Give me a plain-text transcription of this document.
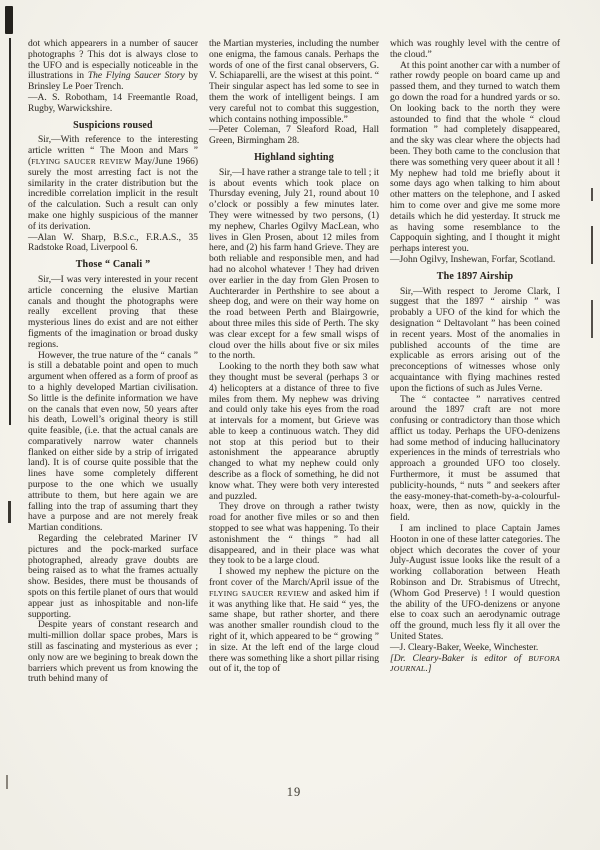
dot which appearers in a number of saucer photographs ? This dot is always close to the UFO and is especially noticeable in the illustrations in The Flying Saucer Story by Brinsley Le Poer Trench.

—A. S. Robotham, 14 Freemantle Road, Rugby, Warwickshire.

Suspicions roused

Sir,—With reference to the interesting article written “ The Moon and Mars ” (FLYING SAUCER REVIEW May/June 1966) surely the most arresting fact is not the similarity in the crater distribution but the incredible correlation implicit in the result of the calculation. Such a result can only make one highly suspicious of the manner of its derivation.

—Alan W. Sharp, B.S.c., F.R.A.S., 35 Radstoke Road, Liverpool 6.

Those “ Canali ”

Sir,—I was very interested in your recent article concerning the elusive Martian canals and thought the photographs were really excellent proving that these mysterious lines do exist and are not either figments of the imagination or broad dusky regions.

However, the true nature of the “ canals ” is still a debatable point and open to much argument when offered as a form of proof as to a highly developed Martian civilisation. So little is the definite information we have on the canals that even now, 50 years after his death, Lowell’s original theory is still quite feasible, (i.e. that the actual canals are comparatively narrow water channels flanked on either side by a strip of irrigated land). It is of course quite possible that the lines have some completely different purpose to the one which we usually attribute to them, but here again we are falling into the trap of assuming thart they have a purpose and are not merely freak Martian conditions.

Regarding the celebrated Mariner IV pictures and the pock-marked surface photographed, already grave doubts are being raised as to what the frames actually show. Besides, there must be thousands of spots on this fertile planet of ours that would appear just as inhospitable and non-life supporting.

Despite years of constant research and multi-million dollar space probes, Mars is still as fascinating and mysterious as ever ; only now are we begining to break down the barriers which prevent us from knowing the truth behind many of

the Martian mysteries, including the number one enigma, the famous canals. Perhaps the words of one of the first canal observers, G. V. Schiaparelli, are the wisest at this point. “ Their singular aspect has led some to see in them the work of intelligent beings. I am very careful not to combat this suggestion, which contains nothing impossible.”

—Peter Coleman, 7 Sleaford Road, Hall Green, Birmingham 28.

Highland sighting

Sir,—I have rather a strange tale to tell ; it is about events which took place on Thursday evening, July 21, round about 10 o’clock or possibly a few minutes later. They were witnessed by two persons, (1) my nephew, Charles Ogilvy MacLean, who lives in Glen Prosen, about 12 miles from here, and (2) his farm hand Grieve. They are both reliable and responsible men, and had had no alcohol whatever ! They had driven over earlier in the day from Glen Prosen to Auchterarder in Perthshire to see about a sheep dog, and were on their way home on the road between Perth and Blairgowrie, about three miles this side of Perth. The sky was clear except for a few small wisps of cloud over the hills about five or six miles to the north.

Looking to the north they both saw what they thought must be several (perhaps 3 or 4) helicopters at a distance of three to five miles from them. My nephew was driving and could only take his eyes from the road at intervals for a moment, but Grieve was able to keep a continuous watch. They did not stop at this period but to their astonishment the appearance abruptly changed to what my nephew could only describe as a flock of something, he did not know what. They were both very interested and puzzled.

They drove on through a rather twisty road for another five miles or so and then stopped to see what was happening. To their astonishment the “ things ” had all disappeared, and in their place was what they took to be a large cloud.

I showed my nephew the picture on the front cover of the March/April issue of the FLYING SAUCER REVIEW and asked him if it was anything like that. He said “ yes, the same shape, but rather shorter, and there was another smaller roundish cloud to the right of it, which appeared to be “ growing ” in size. At the left end of the large cloud there was something like a short pillar rising out of it, the top of

which was roughly level with the centre of the cloud.”

At this point another car with a number of rather rowdy people on board came up and passed them, and they turned to watch them go down the road for a hundred yards or so. On looking back to the north they were astounded to find that the whole “ cloud formation ” had completely disappeared, and the sky was clear where the objects had been. They both came to the conclusion that there was something very queer about it all ! My nephew had told me briefly about it some days ago when talking to him about other matters on the telephone, and I asked him to come over and give me some more details which he did yesterday. It struck me as having some resemblance to the Cappoquin sighting, and I thought it might perhaps interest you.

—John Ogilvy, Inshewan, Forfar, Scotland.

The 1897 Airship

Sir,—With respect to Jerome Clark, I suggest that the 1897 “ airship ” was probably a UFO of the kind for which the designation “ Deltavolant ” has been coined in recent years. Most of the anomalies in published accounts of the time are explicable as errors arising out of the preconceptions of witnesses whose only acquaintance with flying machines rested upon the fictions of such as Jules Verne.

The “ contactee ” narratives centred around the 1897 craft are not more confusing or contradictory than those which afflict us today. Perhaps the UFO-denizens had some method of inducing hallucinatory experiences in the minds of terrestrials who approach a grounded UFO too closely. Furthermore, it must be assumed that publicity-hounds, “ nuts ” and seekers after the easy-money-that-cometh-by-a-colourful-hoax, were, then as now, quickly in the field.

I am inclined to place Captain James Hooton in one of these latter categories. The object which decorates the cover of your July-August issue looks like the result of a working collaboration between Heath Robinson and Dr. Strabismus of Utrecht, (Whom God Preserve) ! I would question the ability of the UFO-denizens or anyone else to coax such an aerodynamic outrage off the ground, much less fly it all over the United States.

—J. Cleary-Baker, Weeke, Winchester.

[Dr. Cleary-Baker is editor of BUFORA JOURNAL.]

19
